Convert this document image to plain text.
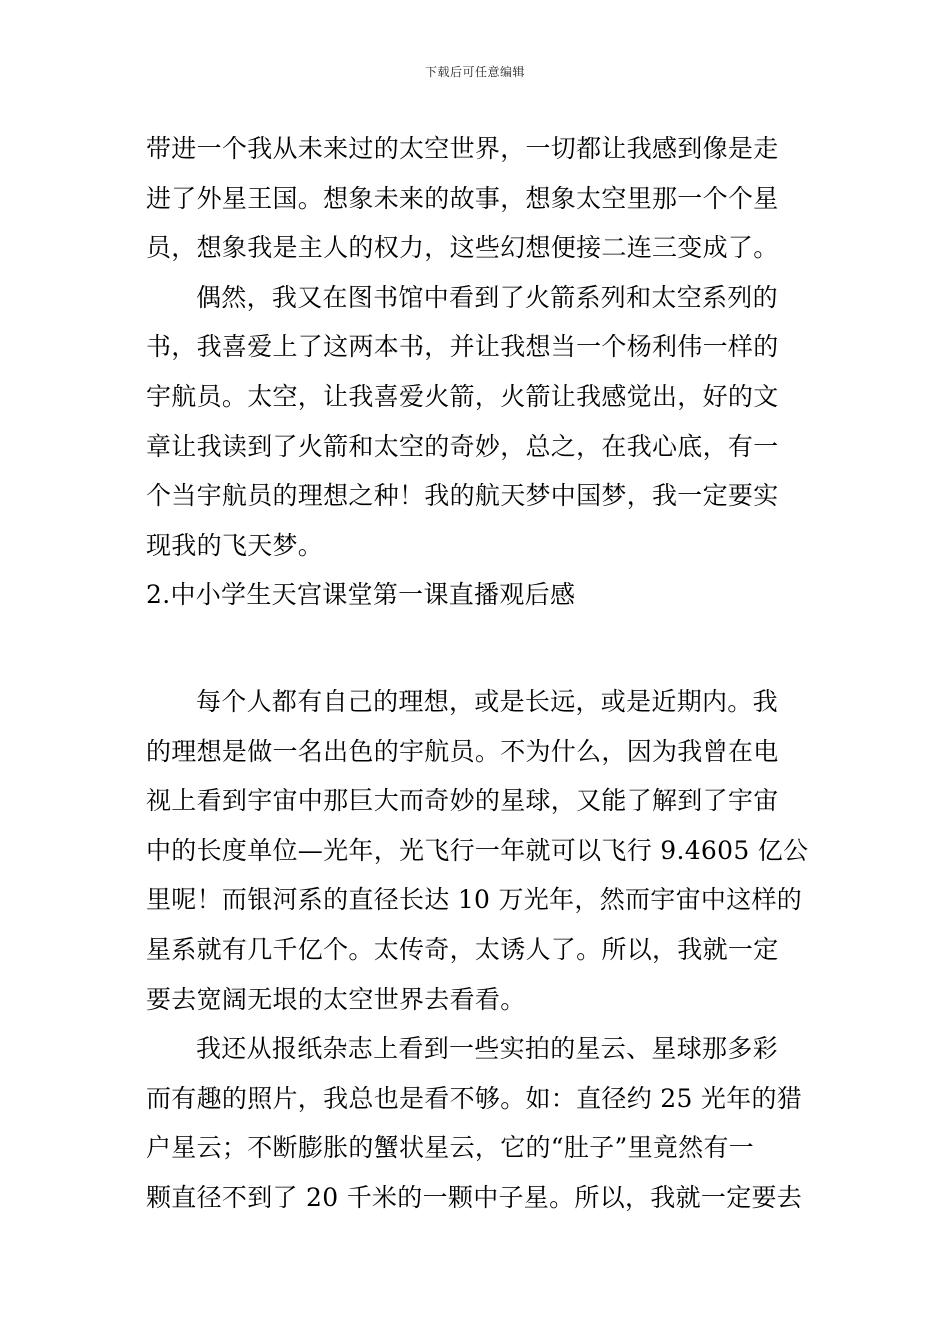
下载后可任意编辑
带进一个我从未来过的太空世界，一切都让我感到像是走
进了外星王国。想象未来的故事，想象太空里那一个个星
员，想象我是主人的权力，这些幻想便接二连三变成了。
偶然，我又在图书馆中看到了火箭系列和太空系列的
书，我喜爱上了这两本书，并让我想当一个杨利伟一样的
宇航员。太空，让我喜爱火箭，火箭让我感觉出，好的文
章让我读到了火箭和太空的奇妙，总之，在我心底，有一
个当宇航员的理想之种！我的航天梦中国梦，我一定要实
现我的飞天梦。
2.中小学生天宫课堂第一课直播观后感
每个人都有自己的理想，或是长远，或是近期内。我
的理想是做一名出色的宇航员。不为什么，因为我曾在电
视上看到宇宙中那巨大而奇妙的星球，又能了解到了宇宙
中的长度单位—光年，光飞行一年就可以飞行 9.4605 亿公
里呢！而银河系的直径长达 10 万光年，然而宇宙中这样的
星系就有几千亿个。太传奇，太诱人了。所以，我就一定
要去宽阔无垠的太空世界去看看。
我还从报纸杂志上看到一些实拍的星云、星球那多彩
而有趣的照片，我总也是看不够。如：直径约 25 光年的猎
户星云；不断膨胀的蟹状星云，它的“肚子”里竟然有一
颗直径不到了 20 千米的一颗中子星。所以，我就一定要去
